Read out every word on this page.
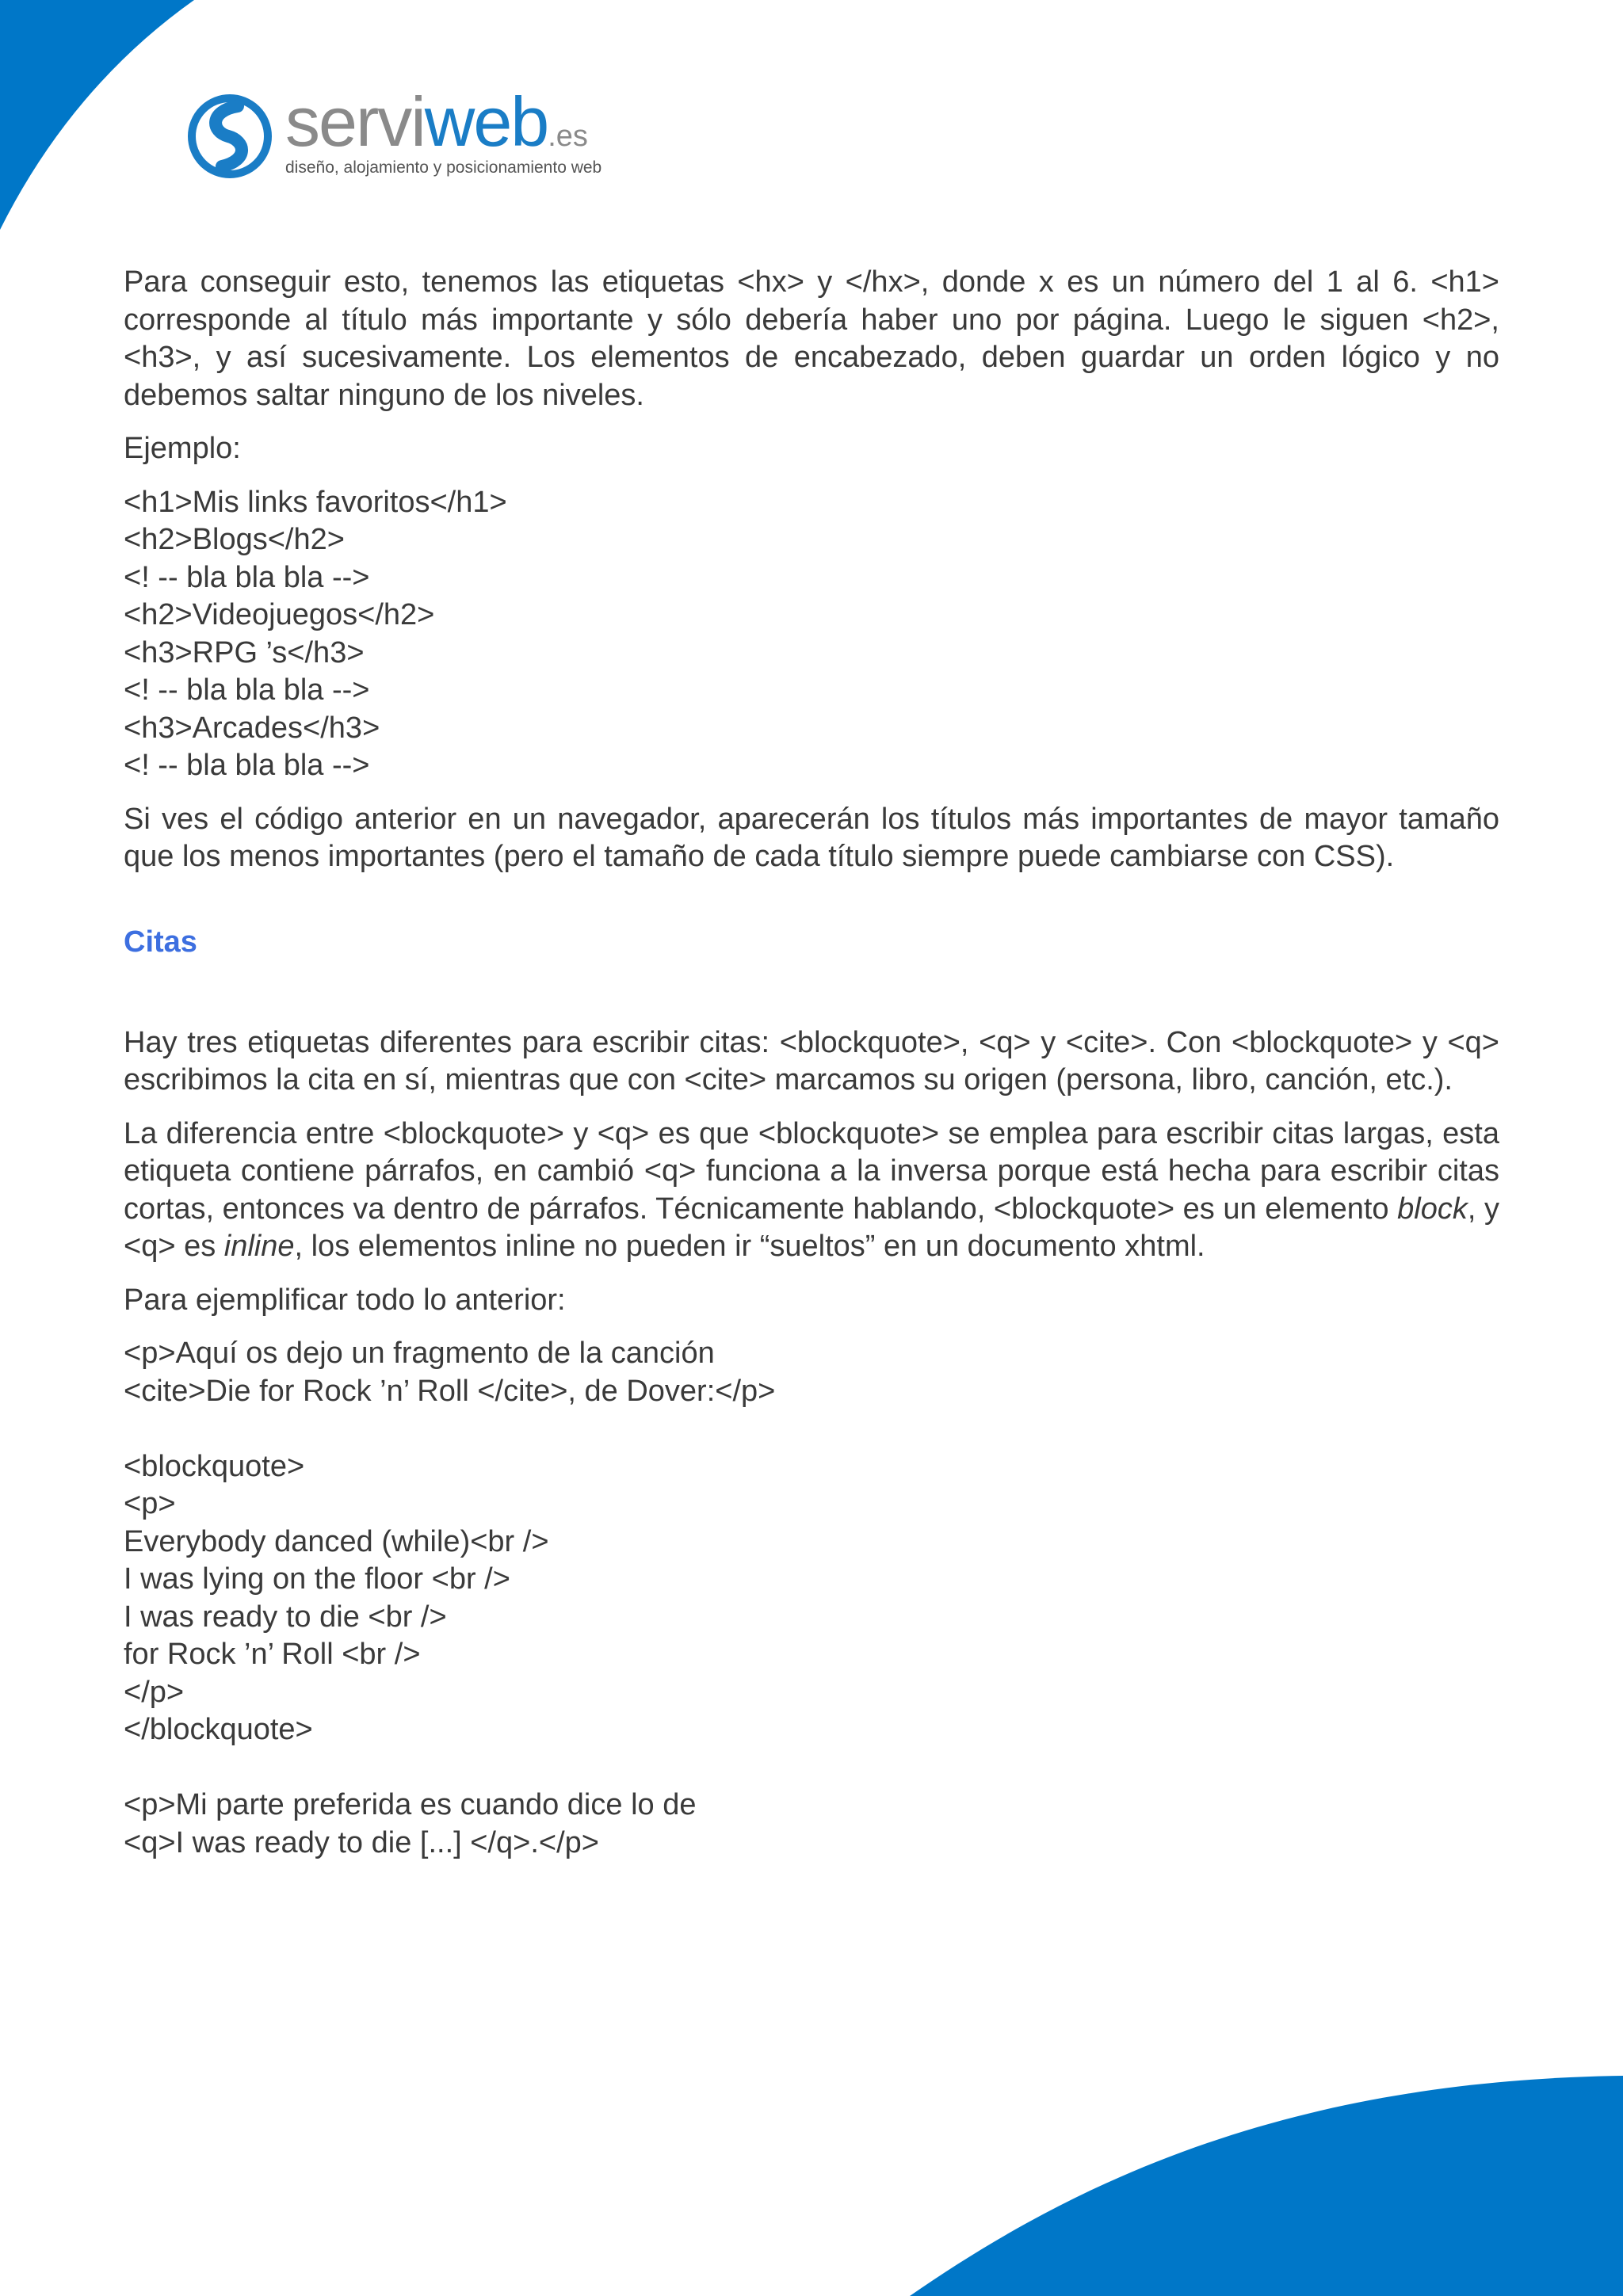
serviweb.es
diseño, alojamiento y posicionamiento web

Para conseguir esto, tenemos las etiquetas <hx> y </hx>, donde x es un número del 1 al 6. <h1> corresponde al título más importante y sólo debería haber uno por página. Luego le siguen <h2>, <h3>, y así sucesivamente. Los elementos de encabezado, deben guardar un orden lógico y no debemos saltar ninguno de los niveles.

Ejemplo:

<h1>Mis links favoritos</h1>
<h2>Blogs</h2>
<! -- bla bla bla -->
<h2>Videojuegos</h2>
<h3>RPG ’s</h3>
<! -- bla bla bla -->
<h3>Arcades</h3>
<! -- bla bla bla -->

Si ves el código anterior en un navegador, aparecerán los títulos más importantes de mayor tamaño que los menos importantes (pero el tamaño de cada título siempre puede cambiarse con CSS).

Citas

Hay tres etiquetas diferentes para escribir citas: <blockquote>, <q> y <cite>. Con <blockquote> y <q> escribimos la cita en sí, mientras que con <cite> marcamos su origen (persona, libro, canción, etc.).

La diferencia entre <blockquote> y <q> es que <blockquote> se emplea para escribir citas largas, esta etiqueta contiene párrafos, en cambió <q> funciona a la inversa porque está hecha para escribir citas cortas, entonces va dentro de párrafos. Técnicamente hablando, <blockquote> es un elemento block, y <q> es inline, los elementos inline no pueden ir “sueltos” en un documento xhtml.

Para ejemplificar todo lo anterior:

<p>Aquí os dejo un fragmento de la canción
<cite>Die for Rock ’n’ Roll </cite>, de Dover:</p>

<blockquote>
<p>
Everybody danced (while)<br />
I was lying on the floor <br />
I was ready to die <br />
for Rock ’n’ Roll <br />
</p>
</blockquote>

<p>Mi parte preferida es cuando dice lo de
<q>I was ready to die [...] </q>.</p>
